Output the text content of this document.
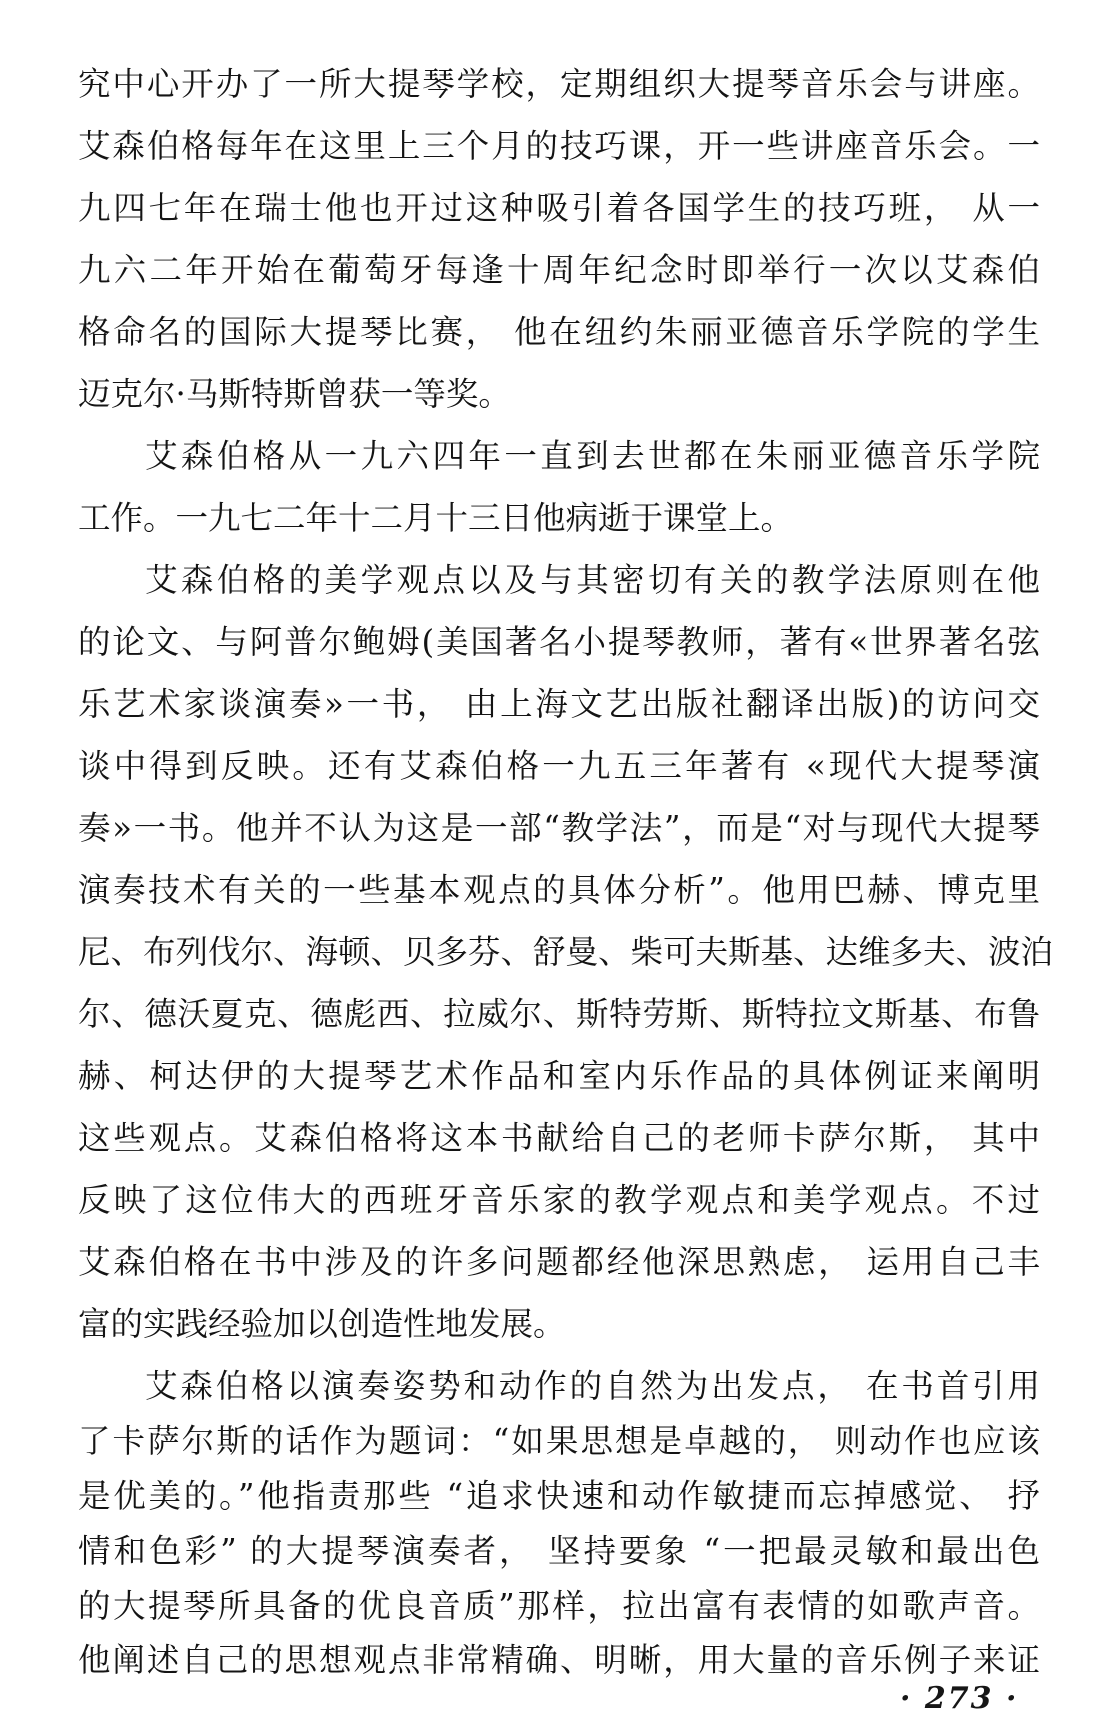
究中心开办了一所大提琴学校，定期组织大提琴音乐会与讲座。
艾森伯格每年在这里上三个月的技巧课，开一些讲座音乐会。一
九四七年在瑞士他也开过这种吸引着各国学生的技巧班， 从一
九六二年开始在葡萄牙每逢十周年纪念时即举行一次以艾森伯
格命名的国际大提琴比赛， 他在纽约朱丽亚德音乐学院的学生
迈克尔·马斯特斯曾获一等奖。
艾森伯格从一九六四年一直到去世都在朱丽亚德音乐学院
工作。一九七二年十二月十三日他病逝于课堂上。
艾森伯格的美学观点以及与其密切有关的教学法原则在他
的论文、与阿普尔鲍姆(美国著名小提琴教师，著有«世界著名弦
乐艺术家谈演奏»一书， 由上海文艺出版社翻译出版)的访问交
谈中得到反映。还有艾森伯格一九五三年著有 «现代大提琴演
奏»一书。他并不认为这是一部“教学法”，而是“对与现代大提琴
演奏技术有关的一些基本观点的具体分析”。他用巴赫、博克里
尼、布列伐尔、海顿、贝多芬、舒曼、柴可夫斯基、达维多夫、波泊
尔、德沃夏克、德彪西、拉威尔、斯特劳斯、斯特拉文斯基、布鲁
赫、柯达伊的大提琴艺术作品和室内乐作品的具体例证来阐明
这些观点。艾森伯格将这本书献给自己的老师卡萨尔斯， 其中
反映了这位伟大的西班牙音乐家的教学观点和美学观点。不过
艾森伯格在书中涉及的许多问题都经他深思熟虑， 运用自己丰
富的实践经验加以创造性地发展。
艾森伯格以演奏姿势和动作的自然为出发点， 在书首引用
了卡萨尔斯的话作为题词：“如果思想是卓越的， 则动作也应该
是优美的。”他指责那些 “追求快速和动作敏捷而忘掉感觉、 抒
情和色彩” 的大提琴演奏者， 坚持要象 “一把最灵敏和最出色
的大提琴所具备的优良音质”那样，拉出富有表情的如歌声音。
· 273 ·
他阐述自己的思想观点非常精确、明晰，用大量的音乐例子来证
